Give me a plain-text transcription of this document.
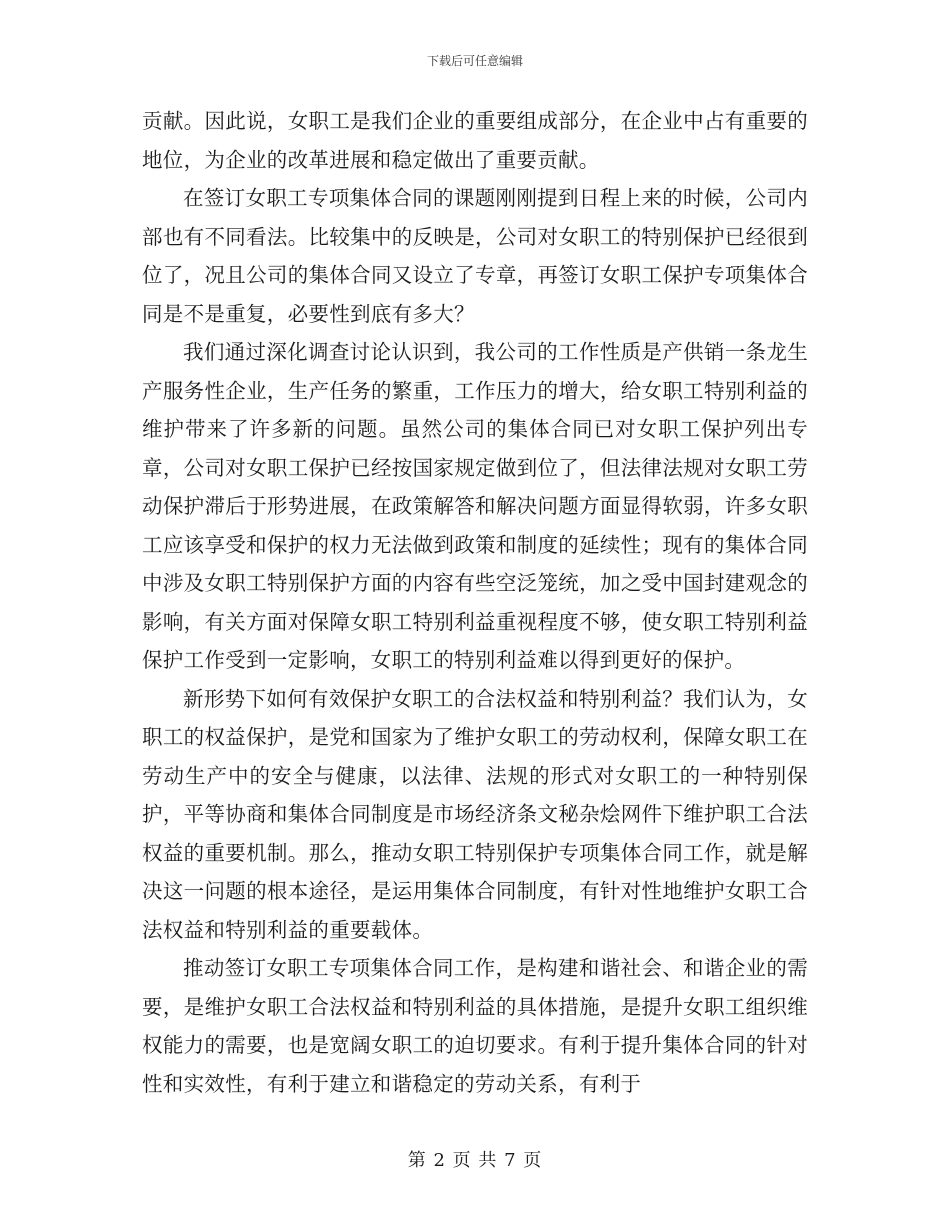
下载后可任意编辑

贡献。因此说，女职工是我们企业的重要组成部分，在企业中占有重要的地位，为企业的改革进展和稳定做出了重要贡献。

在签订女职工专项集体合同的课题刚刚提到日程上来的时候，公司内部也有不同看法。比较集中的反映是，公司对女职工的特别保护已经很到位了，况且公司的集体合同又设立了专章，再签订女职工保护专项集体合同是不是重复，必要性到底有多大？

我们通过深化调查讨论认识到，我公司的工作性质是产供销一条龙生产服务性企业，生产任务的繁重，工作压力的增大，给女职工特别利益的维护带来了许多新的问题。虽然公司的集体合同已对女职工保护列出专章，公司对女职工保护已经按国家规定做到位了，但法律法规对女职工劳动保护滞后于形势进展，在政策解答和解决问题方面显得软弱，许多女职工应该享受和保护的权力无法做到政策和制度的延续性；现有的集体合同中涉及女职工特别保护方面的内容有些空泛笼统，加之受中国封建观念的影响，有关方面对保障女职工特别利益重视程度不够，使女职工特别利益保护工作受到一定影响，女职工的特别利益难以得到更好的保护。

新形势下如何有效保护女职工的合法权益和特别利益？我们认为，女职工的权益保护，是党和国家为了维护女职工的劳动权利，保障女职工在劳动生产中的安全与健康，以法律、法规的形式对女职工的一种特别保护，平等协商和集体合同制度是市场经济条文秘杂烩网件下维护职工合法权益的重要机制。那么，推动女职工特别保护专项集体合同工作，就是解决这一问题的根本途径，是运用集体合同制度，有针对性地维护女职工合法权益和特别利益的重要载体。

推动签订女职工专项集体合同工作，是构建和谐社会、和谐企业的需要，是维护女职工合法权益和特别利益的具体措施，是提升女职工组织维权能力的需要，也是宽阔女职工的迫切要求。有利于提升集体合同的针对性和实效性，有利于建立和谐稳定的劳动关系，有利于

第 2 页 共 7 页
